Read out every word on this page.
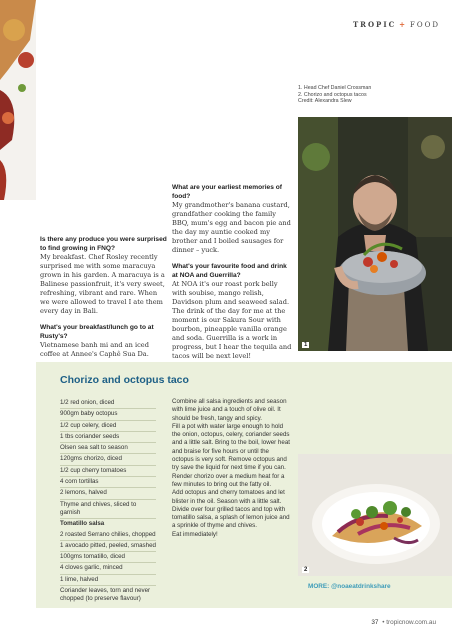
TROPIC + FOOD
1. Head Chef Daniel Crossman
2. Chorizo and octopus tacos
Credit: Alexandra Slew
1

Is there any produce you were surprised to find growing in FNQ?

My breakfast. Chef Rosley recently surprised me with some maracuya grown in his garden. A maracuya is a Balinese passionfruit, it's very sweet, refreshing, vibrant and rare. When we were allowed to travel I ate them every day in Bali.

What's your breakfast/lunch go to at Rusty's?

Vietnamese banh mi and an iced coffee at Annee's Caphê Sua Da.

What are your earliest memories of food?

My grandmother's banana custard, grandfather cooking the family BBQ, mum's egg and bacon pie and the day my auntie cooked my brother and I boiled sausages for dinner – yuck.

What's your favourite food and drink at NOA and Guerrilla?

At NOA it's our roast pork belly with soubise, mango relish, Davidson plum and seaweed salad.

The drink of the day for me at the moment is our Sakura Sour with bourbon, pineapple vanilla orange and soda. Guerrilla is a work in progress, but I hear the tequila and tacos will be next level!

Chorizo and octopus taco
1/2 red onion, diced
900gm baby octopus
1/2 cup celery, diced
1 tbs coriander seeds
Olsen sea salt to season
120gms chorizo, diced
1/2 cup cherry tomatoes
4 corn tortillas
2 lemons, halved
Thyme and chives, sliced to garnish
Tomatillo salsa
2 roasted Serrano chilies, chopped
1 avocado pitted, peeled, smashed
100gms tomatillo, diced
4 cloves garlic, minced
1 lime, halved
Coriander leaves, torn and never chopped (to preserve flavour)

Combine all salsa ingredients and season with lime juice and a touch of olive oil. It should be fresh, tangy and spicy.

Fill a pot with water large enough to hold the onion, octopus, celery, coriander seeds and a little salt. Bring to the boil, lower heat and braise for five hours or until the octopus is very soft. Remove octopus and try save the liquid for next time if you can.

Render chorizo over a medium heat for a few minutes to bring out the fatty oil.

Add octopus and cherry tomatoes and let blister in the oil. Season with a little salt.

Divide over four grilled tacos and top with tomatillo salsa, a splash of lemon juice and a sprinkle of thyme and chives.

Eat immediately!

2
MORE: @noaeatdrinkshare
37 • tropicnow.com.au
